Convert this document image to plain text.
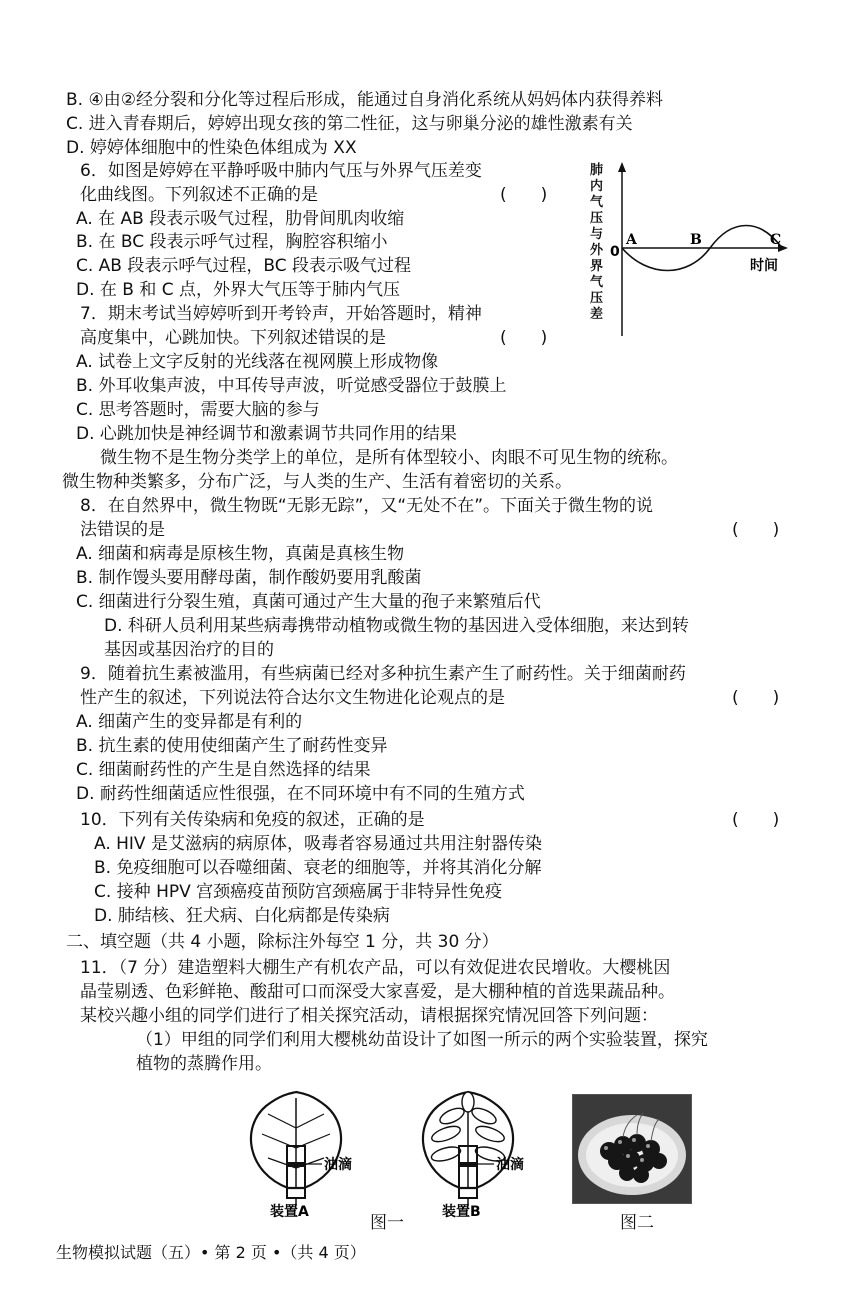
B. ④由②经分裂和分化等过程后形成，能通过自身消化系统从妈妈体内获得养料
C. 进入青春期后，婷婷出现女孩的第二性征，这与卵巢分泌的雄性激素有关
D. 婷婷体细胞中的性染色体组成为 XX
6．如图是婷婷在平静呼吸中肺内气压与外界气压差变
化曲线图。下列叙述不正确的是	(　　)
A. 在 AB 段表示吸气过程，肋骨间肌肉收缩
B. 在 BC 段表示呼气过程，胸腔容积缩小
C. AB 段表示呼气过程，BC 段表示吸气过程
D. 在 B 和 C 点，外界大气压等于肺内气压
7．期末考试当婷婷听到开考铃声，开始答题时，精神
高度集中，心跳加快。下列叙述错误的是	(　　)
A. 试卷上文字反射的光线落在视网膜上形成物像
B. 外耳收集声波，中耳传导声波，听觉感受器位于鼓膜上
C. 思考答题时，需要大脑的参与
D. 心跳加快是神经调节和激素调节共同作用的结果
微生物不是生物分类学上的单位，是所有体型较小、肉眼不可见生物的统称。
微生物种类繁多，分布广泛，与人类的生产、生活有着密切的关系。
8．在自然界中，微生物既“无影无踪”，又“无处不在”。下面关于微生物的说
法错误的是	(　　)
A. 细菌和病毒是原核生物，真菌是真核生物
B. 制作馒头要用酵母菌，制作酸奶要用乳酸菌
C. 细菌进行分裂生殖，真菌可通过产生大量的孢子来繁殖后代
D. 科研人员利用某些病毒携带动植物或微生物的基因进入受体细胞，来达到转
基因或基因治疗的目的
9．随着抗生素被滥用，有些病菌已经对多种抗生素产生了耐药性。关于细菌耐药
性产生的叙述，下列说法符合达尔文生物进化论观点的是	(　　)
A. 细菌产生的变异都是有利的
B. 抗生素的使用使细菌产生了耐药性变异
C. 细菌耐药性的产生是自然选择的结果
D. 耐药性细菌适应性很强，在不同环境中有不同的生殖方式
10．下列有关传染病和免疫的叙述，正确的是	(　　)
A. HIV 是艾滋病的病原体，吸毒者容易通过共用注射器传染
B. 免疫细胞可以吞噬细菌、衰老的细胞等，并将其消化分解
C. 接种 HPV 宫颈癌疫苗预防宫颈癌属于非特异性免疫
D. 肺结核、狂犬病、白化病都是传染病
二、填空题（共 4 小题，除标注外每空 1 分，共 30 分）
11．（7 分）建造塑料大棚生产有机农产品，可以有效促进农民增收。大樱桃因
晶莹剔透、色彩鲜艳、酸甜可口而深受大家喜爱，是大棚种植的首选果蔬品种。
某校兴趣小组的同学们进行了相关探究活动，请根据探究情况回答下列问题：
（1）甲组的同学们利用大樱桃幼苗设计了如图一所示的两个实验装置，探究
植物的蒸腾作用。
肺
内
气
压
与
外
界
气
压
差
0
A	B	C
时间
油滴
装置A
油滴
装置B
图一	图二
生物模拟试题（五）• 第 2 页 •（共 4 页）
